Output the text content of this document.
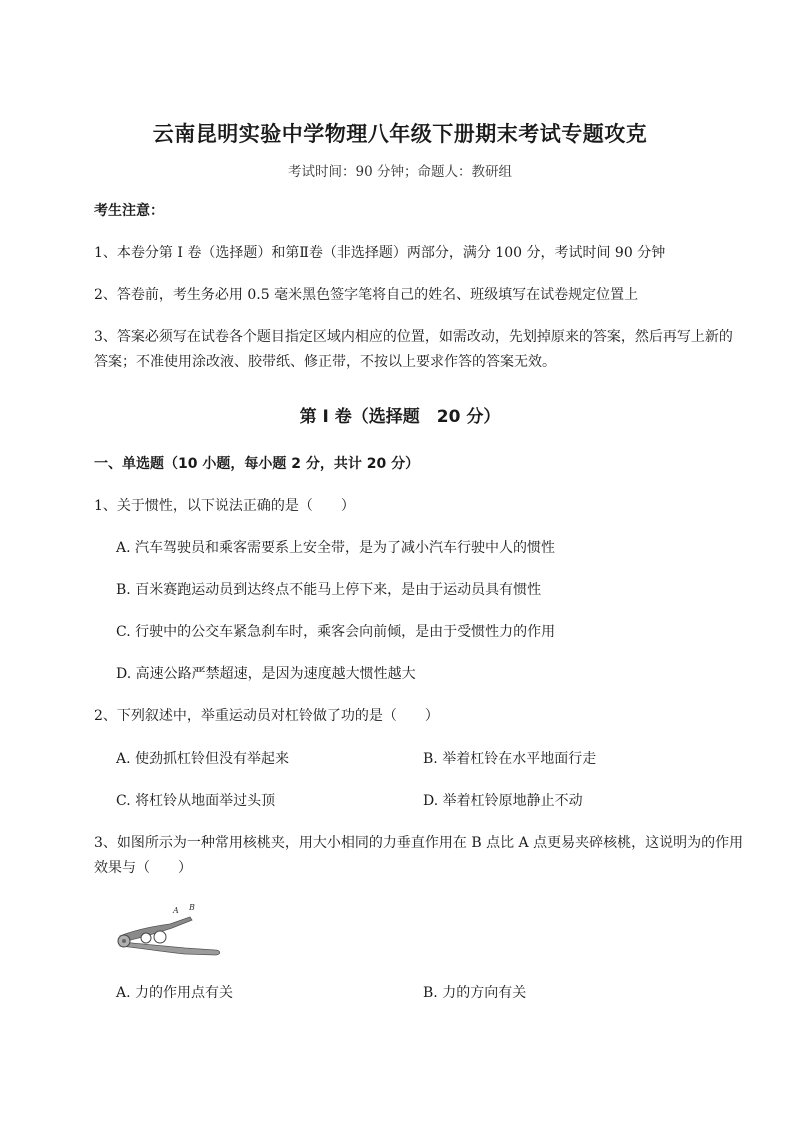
云南昆明实验中学物理八年级下册期末考试专题攻克
考试时间：90 分钟；命题人：教研组
考生注意：
1、本卷分第 I 卷（选择题）和第Ⅱ卷（非选择题）两部分，满分 100 分，考试时间 90 分钟
2、答卷前，考生务必用 0.5 毫米黑色签字笔将自己的姓名、班级填写在试卷规定位置上
3、答案必须写在试卷各个题目指定区域内相应的位置，如需改动，先划掉原来的答案，然后再写上新的答案；不准使用涂改液、胶带纸、修正带，不按以上要求作答的答案无效。
第 I 卷（选择题　20 分）
一、单选题（10 小题，每小题 2 分，共计 20 分）
1、关于惯性，以下说法正确的是（　　）
A. 汽车驾驶员和乘客需要系上安全带，是为了减小汽车行驶中人的惯性
B. 百米赛跑运动员到达终点不能马上停下来，是由于运动员具有惯性
C. 行驶中的公交车紧急刹车时，乘客会向前倾，是由于受惯性力的作用
D. 高速公路严禁超速，是因为速度越大惯性越大
2、下列叙述中，举重运动员对杠铃做了功的是（　　）
A. 使劲抓杠铃但没有举起来	B. 举着杠铃在水平地面行走
C. 将杠铃从地面举过头顶	D. 举着杠铃原地静止不动
3、如图所示为一种常用核桃夹，用大小相同的力垂直作用在 B 点比 A 点更易夹碎核桃，这说明为的作用效果与（　　）
A B
A. 力的作用点有关	B. 力的方向有关
